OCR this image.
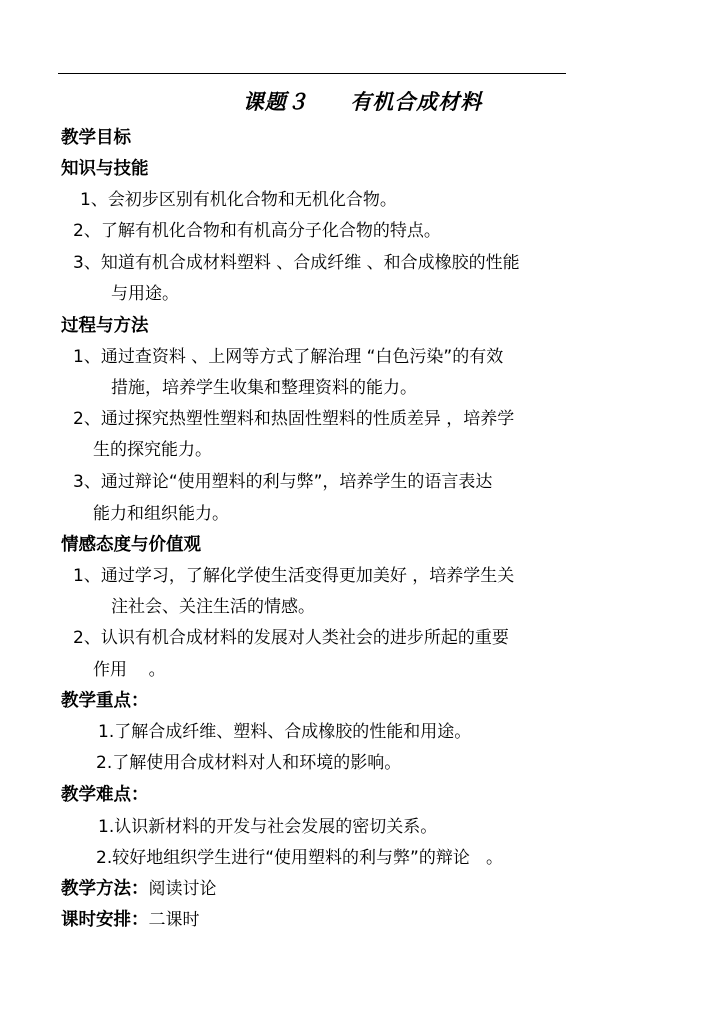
课题３     有机合成材料
教学目标
知识与技能
1、会初步区别有机化合物和无机化合物。
2、了解有机化合物和有机高分子化合物的特点。
3、知道有机合成材料塑料 、合成纤维 、和合成橡胶的性能
与用途。
过程与方法
1、通过查资料 、上网等方式了解治理 “白色污染”的有效
措施，培养学生收集和整理资料的能力。
2、通过探究热塑性塑料和热固性塑料的性质差异 ，培养学
生的探究能力。
3、通过辩论“使用塑料的利与弊”，培养学生的语言表达
能力和组织能力。
情感态度与价值观
1、通过学习，了解化学使生活变得更加美好 ，培养学生关
注社会、关注生活的情感。
2、认识有机合成材料的发展对人类社会的进步所起的重要
作用    。
教学重点：
1.了解合成纤维、塑料、合成橡胶的性能和用途。
2.了解使用合成材料对人和环境的影响。
教学难点：
1.认识新材料的开发与社会发展的密切关系。
2.较好地组织学生进行“使用塑料的利与弊”的辩论   。
教学方法：阅读讨论
课时安排：二课时
